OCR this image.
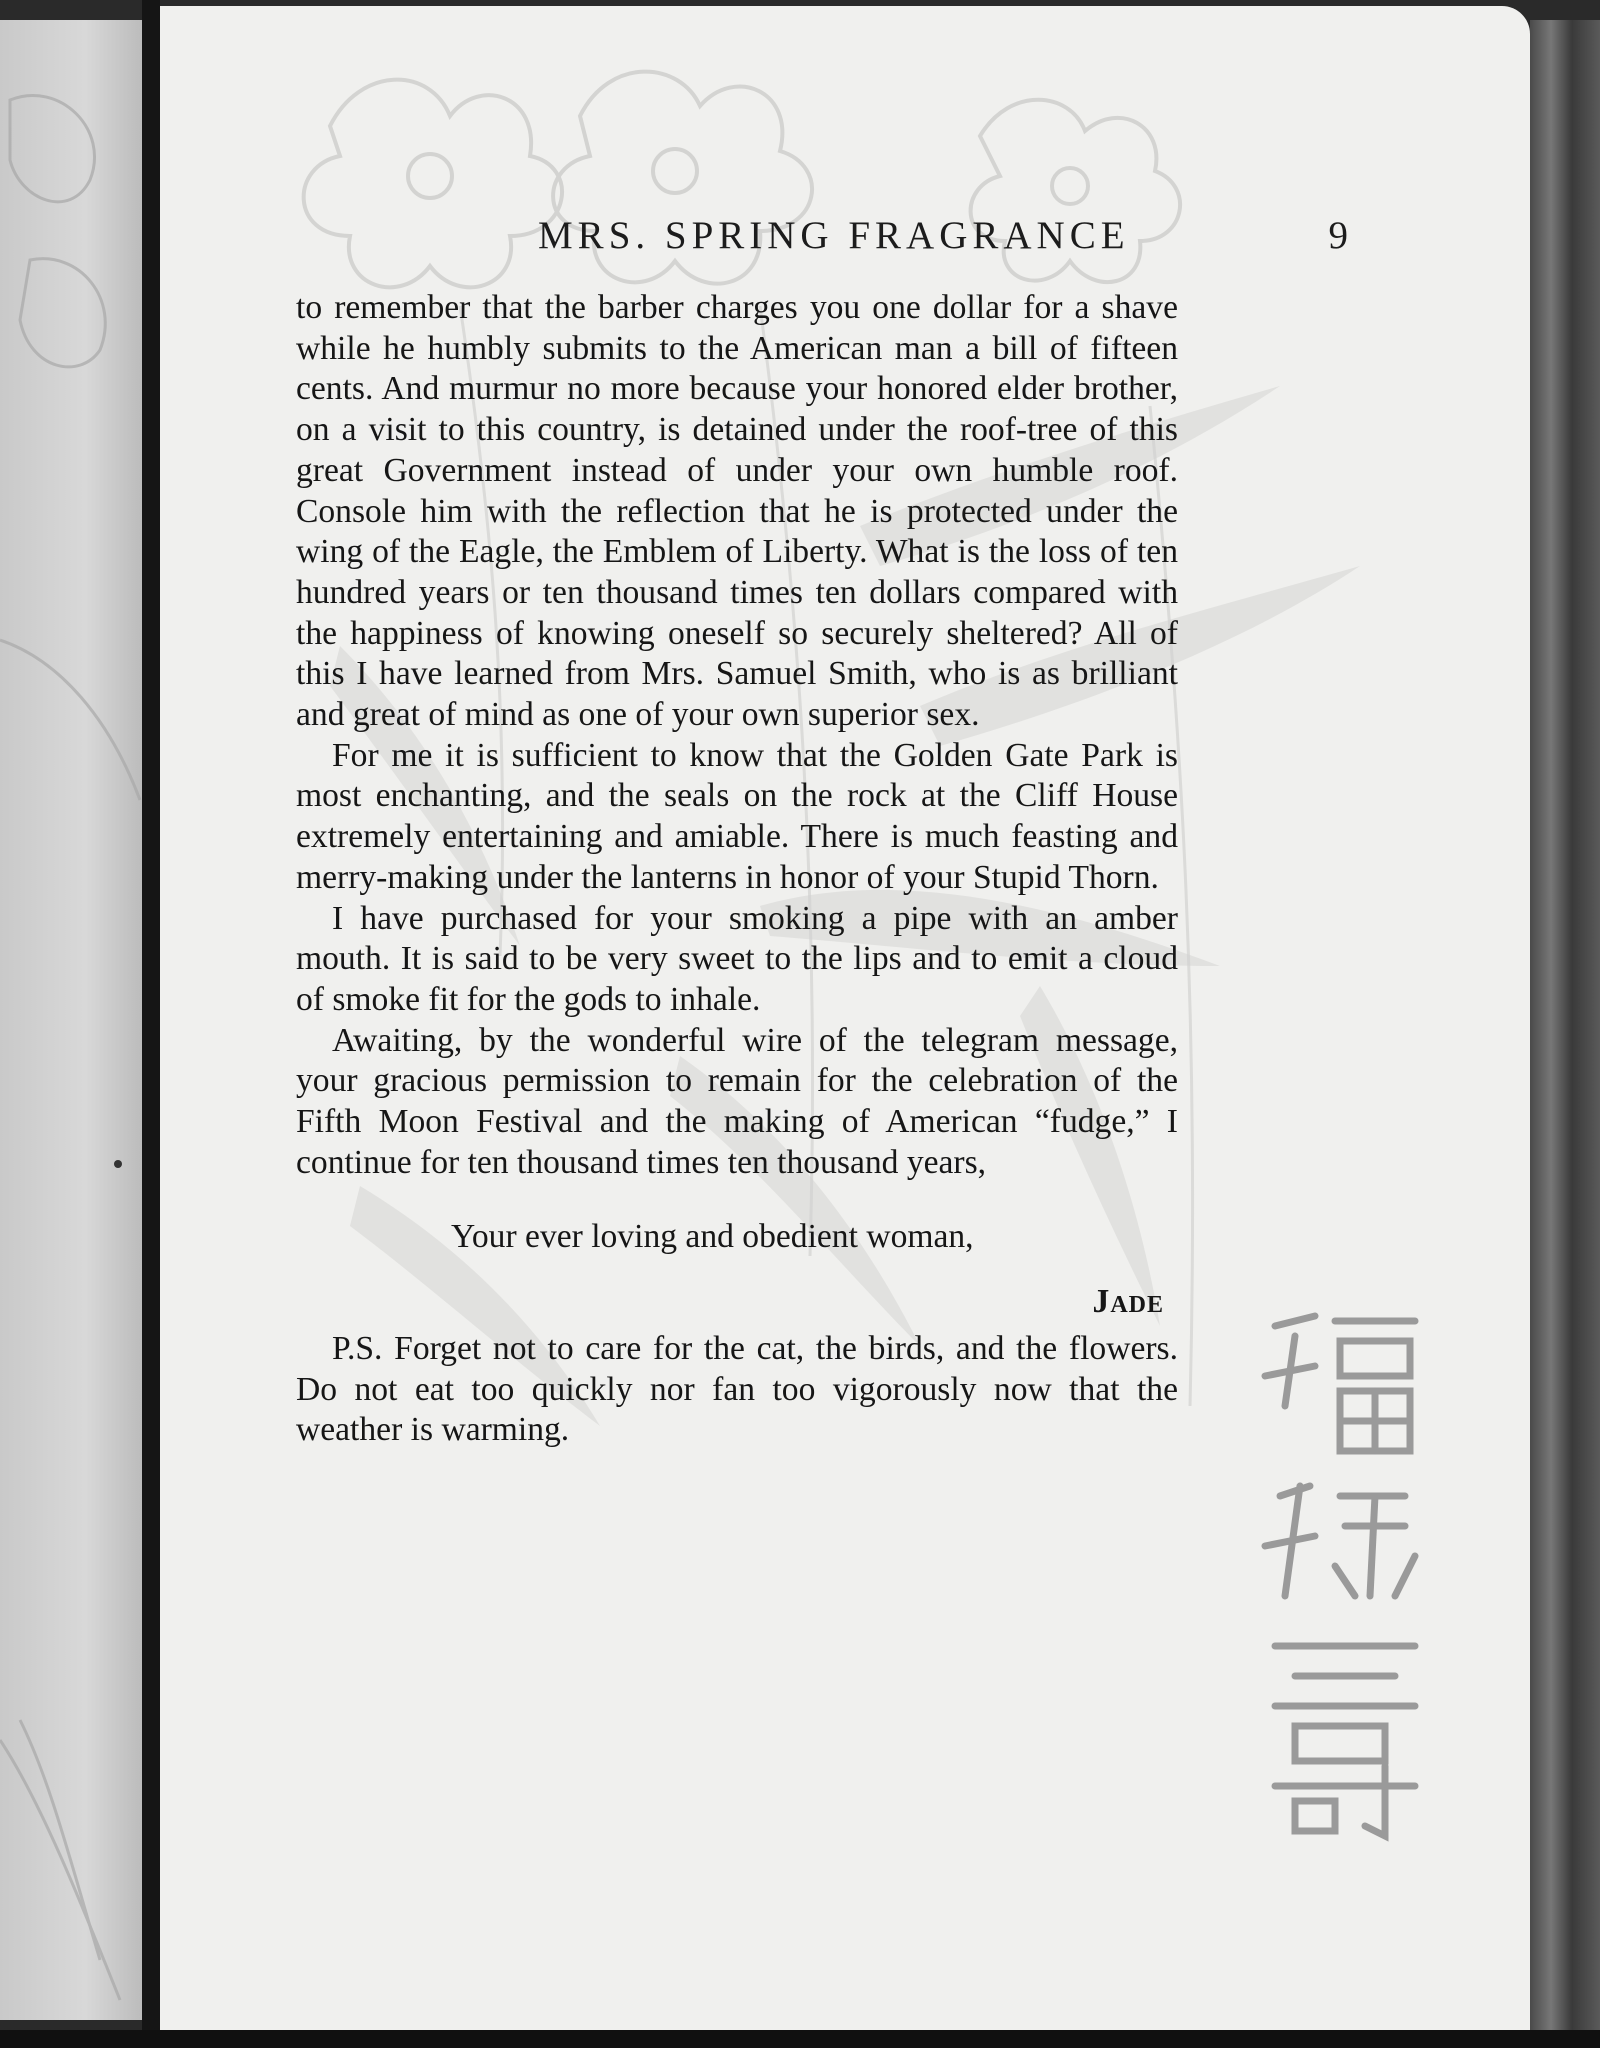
MRS. SPRING FRAGRANCE	9

to remember that the barber charges you one dollar for a shave while he humbly submits to the American man a bill of fifteen cents. And murmur no more because your honored elder brother, on a visit to this country, is detained under the roof-tree of this great Government instead of under your own humble roof. Console him with the reflection that he is protected under the wing of the Eagle, the Emblem of Liberty. What is the loss of ten hundred years or ten thousand times ten dollars compared with the happiness of knowing oneself so securely sheltered? All of this I have learned from Mrs. Samuel Smith, who is as brilliant and great of mind as one of your own superior sex.

For me it is sufficient to know that the Golden Gate Park is most enchanting, and the seals on the rock at the Cliff House extremely entertaining and amiable. There is much feasting and merry-making under the lanterns in honor of your Stupid Thorn.

I have purchased for your smoking a pipe with an amber mouth. It is said to be very sweet to the lips and to emit a cloud of smoke fit for the gods to inhale.

Awaiting, by the wonderful wire of the telegram message, your gracious permission to remain for the celebration of the Fifth Moon Festival and the making of American “fudge,” I continue for ten thousand times ten thousand years,

Your ever loving and obedient woman,

Jade

P.S. Forget not to care for the cat, the birds, and the flowers. Do not eat too quickly nor fan too vigorously now that the weather is warming.
